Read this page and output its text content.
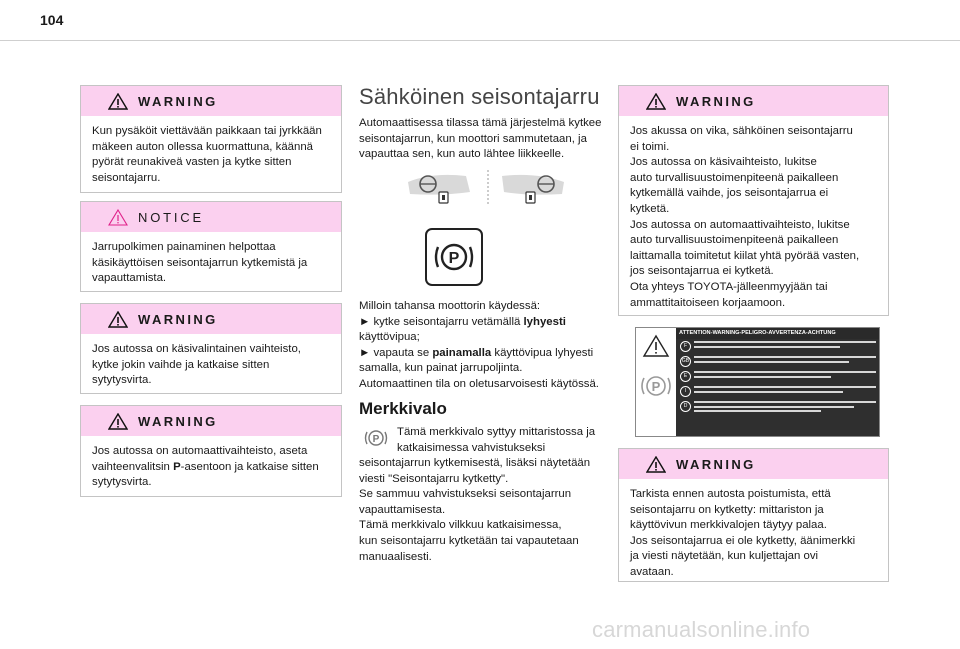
104
WARNING
Kun pysäköit viettävään paikkaan tai jyrkkään
mäkeen auton ollessa kuormattuna, käännä
pyörät reunakiveä vasten ja kytke sitten
seisontajarru.
NOTICE
Jarrupolkimen painaminen helpottaa
käsikäyttöisen seisontajarrun kytkemistä ja
vapauttamista.
WARNING
Jos autossa on käsivalintainen vaihteisto,
kytke jokin vaihde ja katkaise sitten
sytytysvirta.
WARNING
Jos autossa on automaattivaihteisto, aseta
vaihteenvalitsin P-asentoon ja katkaise sitten
sytytysvirta.
Sähköinen seisontajarru
Automaattisessa tilassa tämä järjestelmä kytkee
seisontajarrun, kun moottori sammutetaan, ja
vapauttaa sen, kun auto lähtee liikkeelle.
P
Milloin tahansa moottorin käydessä:
► kytke seisontajarru vetämällä lyhyesti
käyttövipua;
► vapauta se painamalla käyttövipua lyhyesti
samalla, kun painat jarrupoljinta.
Automaattinen tila on oletusarvoisesti käytössä.
Merkkivalo
P
Tämä merkkivalo syttyy mittaristossa ja
katkaisimessa vahvistukseksi
seisontajarrun kytkemisestä, lisäksi näytetään
viesti "Seisontajarru kytketty".
Se sammuu vahvistukseksi seisontajarrun
vapauttamisesta.
Tämä merkkivalo vilkkuu katkaisimessa,
kun seisontajarru kytketään tai vapautetaan
manuaalisesti.
WARNING
Jos akussa on vika, sähköinen seisontajarru
ei toimi.
Jos autossa on käsivaihteisto, lukitse
auto turvallisuustoimenpiteenä paikalleen
kytkemällä vaihde, jos seisontajarrua ei
kytketä.
Jos autossa on automaattivaihteisto, lukitse
auto turvallisuustoimenpiteenä paikalleen
laittamalla toimitetut kiilat yhtä pyörää vasten,
jos seisontajarrua ei kytketä.
Ota yhteys TOYOTA-jälleenmyyjään tai
ammattitaitoiseen korjaamoon.
P
ATTENTION-WARNING-PELIGRO-AVVERTENZA-ACHTUNG
F
GB
E
I
D
WARNING
Tarkista ennen autosta poistumista, että
seisontajarru on kytketty: mittariston ja
käyttövivun merkkivalojen täytyy palaa.
Jos seisontajarrua ei ole kytketty, äänimerkki
ja viesti näytetään, kun kuljettajan ovi
avataan.
carmanualsonline.info
